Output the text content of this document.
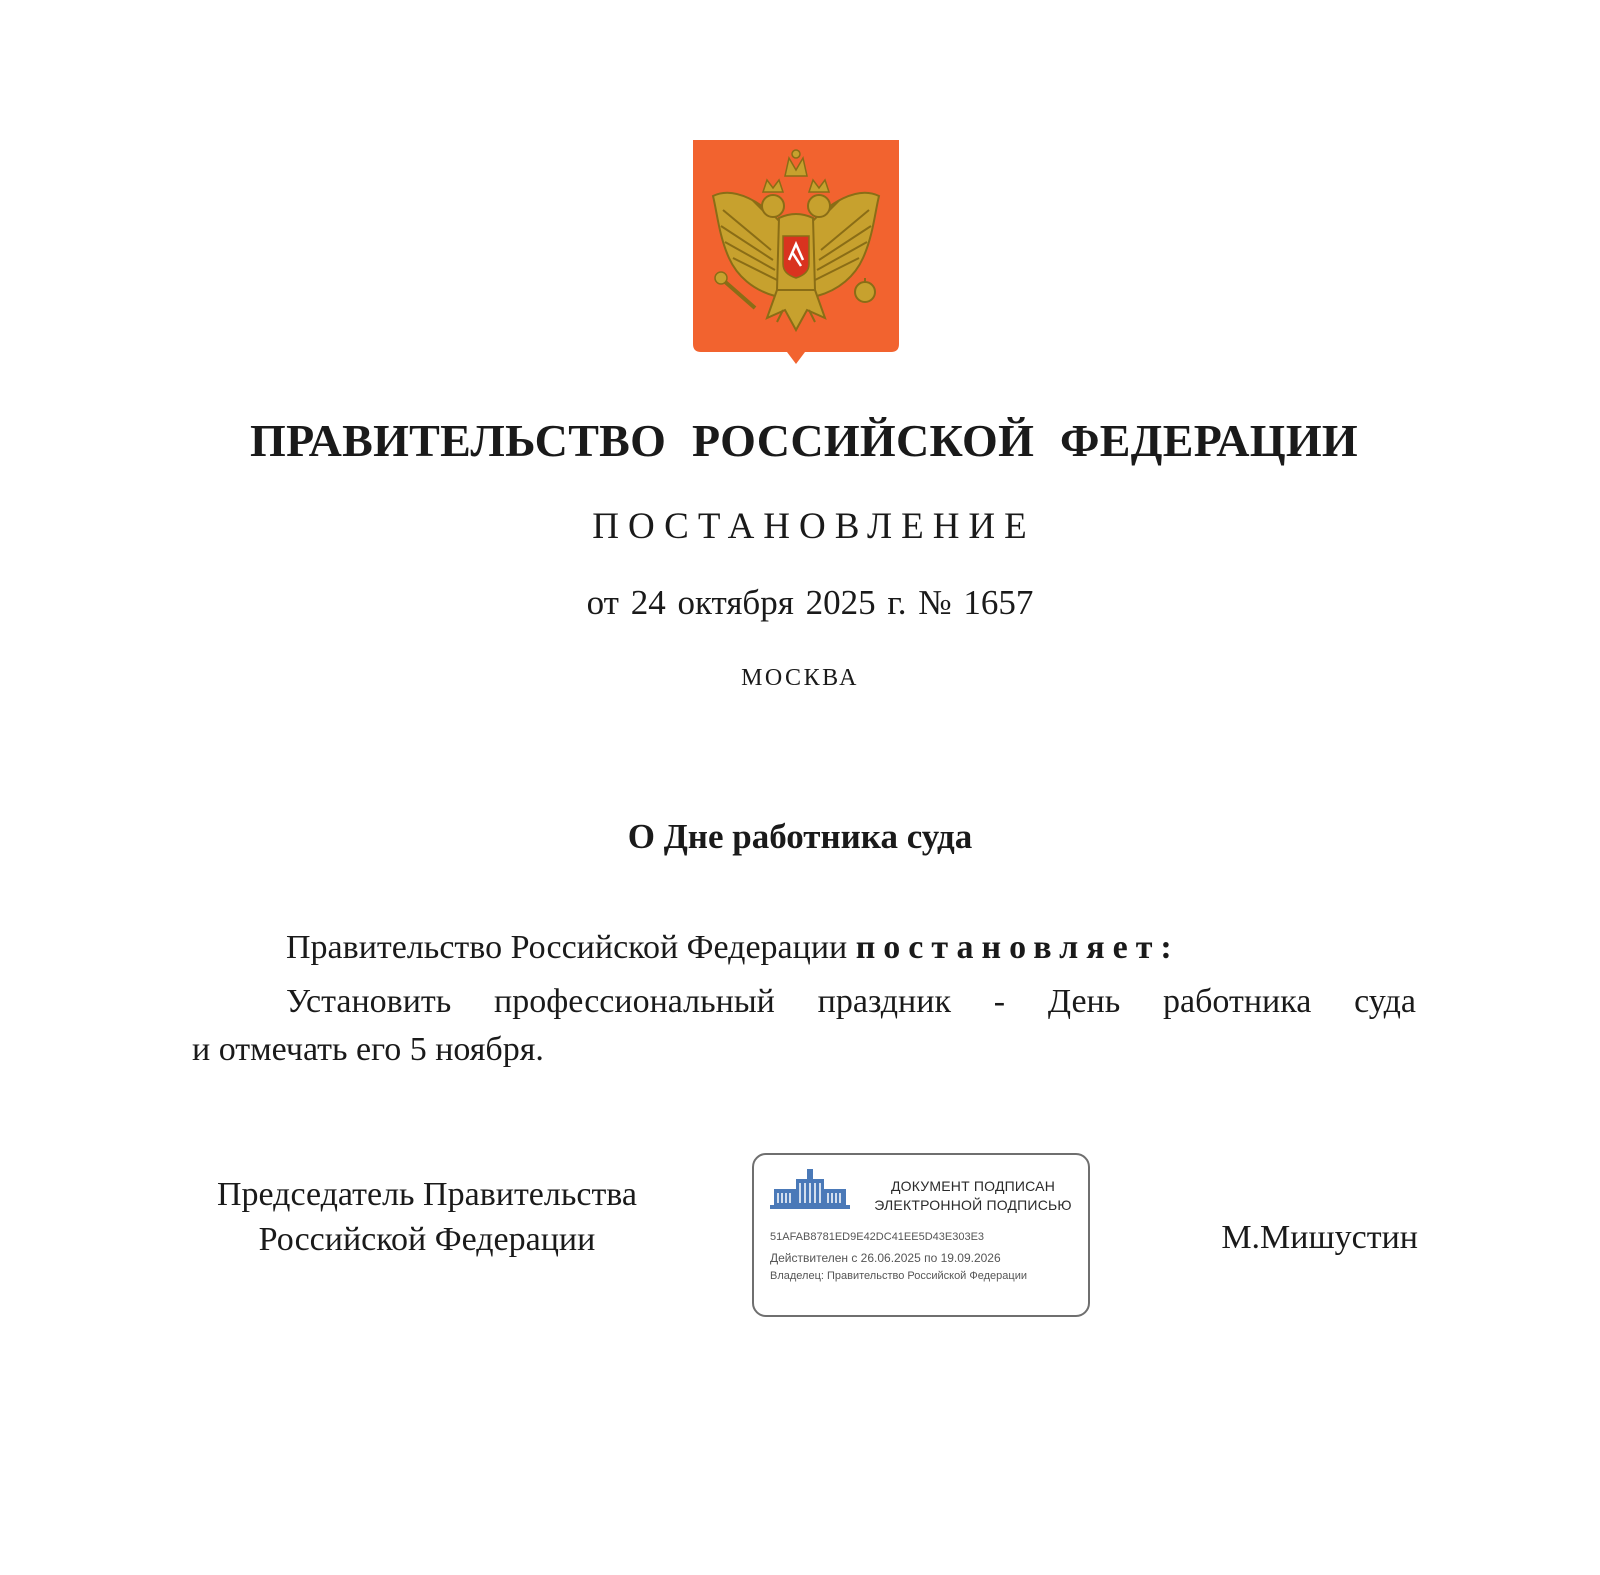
ПРАВИТЕЛЬСТВО РОССИЙСКОЙ ФЕДЕРАЦИИ
ПОСТАНОВЛЕНИЕ
от 24 октября 2025 г. № 1657
МОСКВА
О Дне работника суда
Правительство Российской Федерации постановляет:
Установить профессиональный праздник - День работника суда
и отмечать его 5 ноября.
Председатель Правительства
Российской Федерации
ДОКУМЕНТ ПОДПИСАН
ЭЛЕКТРОННОЙ ПОДПИСЬЮ
51AFAB8781ED9E42DC41EE5D43E303E3
Действителен с 26.06.2025 по 19.09.2026
Владелец: Правительство Российской Федерации
М.Мишустин
